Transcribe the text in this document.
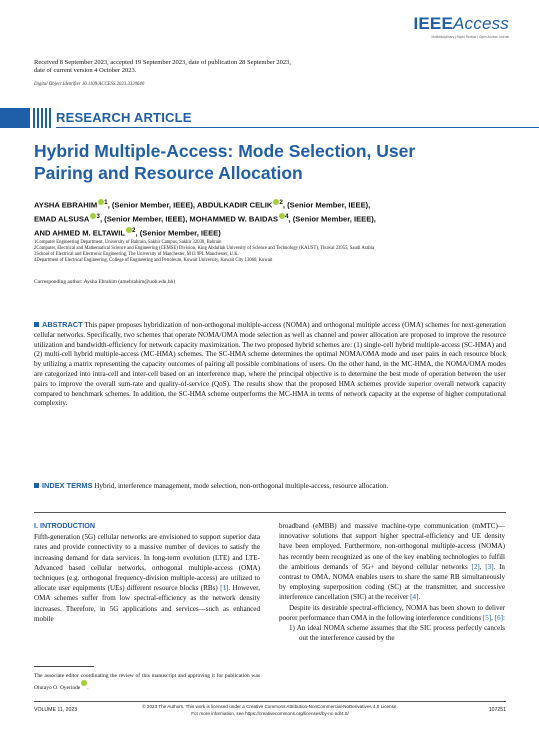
IEEEAccess
Multidisciplinary | Rapid Review | Open Access Journal
Received 8 September 2023, accepted 19 September 2023, date of publication 28 September 2023,
date of current version 4 October 2023.
Digital Object Identifier 10.1109/ACCESS.2023.3320640
RESEARCH ARTICLE
Hybrid Multiple-Access: Mode Selection, User Pairing and Resource Allocation
AYSHA EBRAHIM $^1$, (Senior Member, IEEE), ABDULKADIR CELIK $^2$, (Senior Member, IEEE),
EMAD ALSUSA $^3$, (Senior Member, IEEE), MOHAMMED W. BAIDAS $^4$, (Senior Member, IEEE),
AND AHMED M. ELTAWIL $^2$, (Senior Member, IEEE)
1Computer Engineering Department, University of Bahrain, Sakhir Campus, Sakhir 32038, Bahrain
2Computer, Electrical and Mathematical Science and Engineering (CEMSE) Division, King Abdullah University of Science and Technology (KAUST), Thuwal 23955, Saudi Arabia
3School of Electrical and Electronic Engineering, The University of Manchester, M13 9PL Manchester, U.K.
4Department of Electrical Engineering, College of Engineering and Petroleum, Kuwait University, Kuwait City 13060, Kuwait
Corresponding author: Aysha Ebrahim (amebrahim@uob.edu.bh)
ABSTRACT This paper proposes hybridization of non-orthogonal multiple-access (NOMA) and orthogonal multiple access (OMA) schemes for next-generation cellular networks. Specifically, two schemes that operate NOMA/OMA mode selection as well as channel and power allocation are proposed to improve the resource utilization and bandwidth-efficiency for network capacity maximization. The two proposed hybrid schemes are: (1) single-cell hybrid multiple-access (SC-HMA) and (2) multi-cell hybrid multiple-access (MC-HMA) schemes. The SC-HMA scheme determines the optimal NOMA/OMA mode and user pairs in each resource block by utilizing a matrix representing the capacity outcomes of pairing all possible combinations of users. On the other hand, in the MC-HMA, the NOMA/OMA modes are categorized into intra-cell and inter-cell based on an interference map, where the principal objective is to determine the best mode of operation between the user pairs to improve the overall sum-rate and quality-of-service (QoS). The results show that the proposed HMA schemes provide superior overall network capacity compared to benchmark schemes. In addition, the SC-HMA scheme outperforms the MC-HMA in terms of network capacity at the expense of higher computational complexity.
INDEX TERMS Hybrid, interference management, mode selection, non-orthogonal multiple-access, resource allocation.
I. INTRODUCTION
Fifth-generation (5G) cellular networks are envisioned to support superior data rates and provide connectivity to a massive number of devices to satisfy the increasing demand for data services. In long-term evolution (LTE) and LTE-Advanced based cellular networks, orthogonal multiple-access (OMA) techniques (e.g. orthogonal frequency-division multiple-access) are utilized to allocate user equipments (UEs) different resource blocks (RBs) [1]. However, OMA schemes suffer from low spectral-efficiency as the network density increases. Therefore, in 5G applications and services—such as enhanced mobile
The associate editor coordinating the review of this manuscript and approving it for publication was Olutayo O. Oyerinde .
broadband (eMBB) and massive machine-type communication (mMTC)— innovative solutions that support higher spectral-efficiency and UE density have been employed. Furthermore, non-orthogonal multiple-access (NOMA) has recently been recognized as one of the key enabling technologies to fulfill the ambitious demands of 5G+ and beyond cellular networks [2], [3]. In contrast to OMA, NOMA enables users to share the same RB simultaneously by employing superposition coding (SC) at the transmitter, and successive interference cancellation (SIC) at the receiver [4].
Despite its desirable spectral-efficiency, NOMA has been shown to deliver poorer performance than OMA in the following interference conditions [5], [6]:
1) An ideal NOMA scheme assumes that the SIC process perfectly cancels out the interference caused by the
© 2023 The Authors. This work is licensed under a Creative Commons Attribution-NonCommercial-NoDerivatives 4.0 License.
For more information, see https://creativecommons.org/licenses/by-nc-nd/4.0/
VOLUME 11, 2023	107251
